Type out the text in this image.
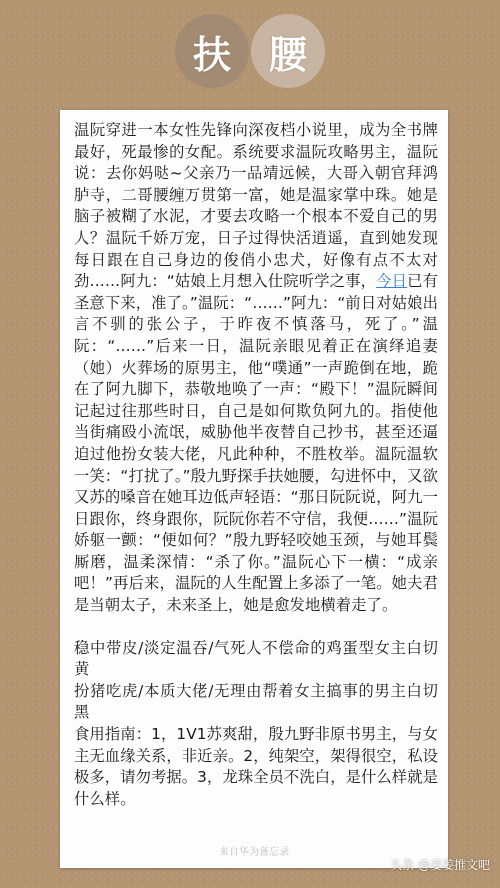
扶 腰

温阮穿进一本女性先锋向深夜档小说里，成为全书牌最好，死最惨的女配。系统要求温阮攻略男主，温阮说：去你妈哒~父亲乃一品靖远候，大哥入朝官拜鸿胪寺，二哥腰缠万贯第一富，她是温家掌中珠。她是脑子被糊了水泥，才要去攻略一个根本不爱自己的男人？温阮千娇万宠，日子过得快活逍遥，直到她发现每日跟在自己身边的俊俏小忠犬，好像有点不太对劲……阿九：“姑娘上月想入仕院听学之事，今日已有圣意下来，准了。”温阮：“……”阿九：“前日对姑娘出言不驯的张公子，于昨夜不慎落马，死了。”温阮：“……”后来一日，温阮亲眼见着正在演绎追妻（她）火葬场的原男主，他“噗通”一声跪倒在地，跪在了阿九脚下，恭敬地唤了一声：“殿下！”温阮瞬间记起过往那些时日，自己是如何欺负阿九的。指使他当街痛殴小流氓，威胁他半夜替自己抄书，甚至还逼迫过他扮女装大佬，凡此种种，不胜枚举。温阮温软一笑：“打扰了。”殷九野探手扶她腰，勾进怀中，又欲又苏的嗓音在她耳边低声轻语：“那日阮阮说，阿九一日跟你，终身跟你，阮阮你若不守信，我便……”温阮娇躯一颤：“便如何？”殷九野轻咬她玉颈，与她耳鬓厮磨，温柔深情：“杀了你。”温阮心下一横：“成亲吧！”再后来，温阮的人生配置上多添了一笔。她夫君是当朝太子，未来圣上，她是愈发地横着走了。

稳中带皮/淡定温吞/气死人不偿命的鸡蛋型女主白切黄

扮猪吃虎/本质大佬/无理由帮着女主搞事的男主白切黑

食用指南：1，1V1苏爽甜，殷九野非原书男主，与女主无血缘关系，非近亲。2，纯架空，架得很空，私设极多，请勿考据。3，龙珠全员不洗白，是什么样就是什么样。

来自华为备忘录
头条 @姜姜推文吧
